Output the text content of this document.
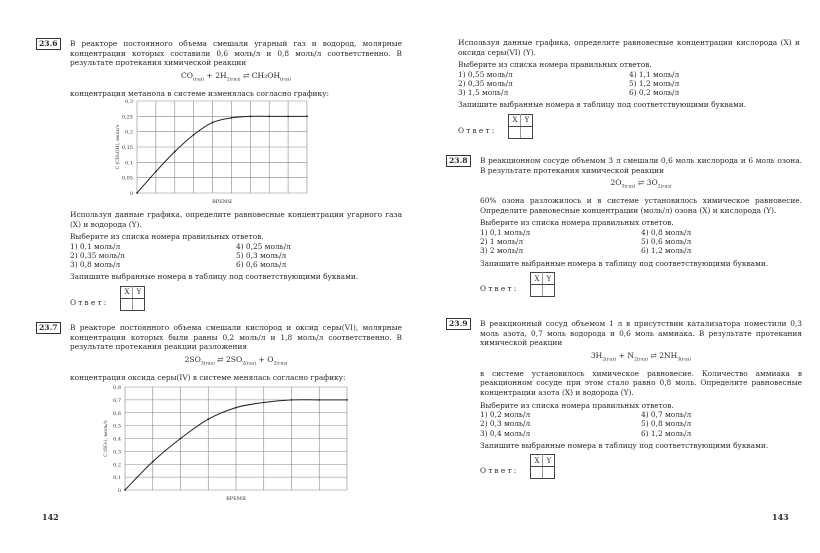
23.6	В реакторе постоянного объема смешали угарный газ и водород, молярные концентрации которых составили 0,6 моль/л и 0,8 моль/л соответственно. В результате протекания химической реакции

$CO_{(газ)} + 2H_{2(газ)}$ ⇄ $CH_3OH_{(газ)}$

концентрация метанола в системе изменялась согласно графику:

0
0,05
0,1
0,15
0,2
0,25
0,3
ВРЕМЯ
C (CH₃OH), моль/л

Используя данные графика, определите равновесные концентрации угарного газа (X) и водорода (Y).

Выберите из списка номера правильных ответов.

1) 0,1 моль/л	4) 0,25 моль/л
2) 0,35 моль/л	5) 0,3 моль/л
3) 0,8 моль/л	6) 0,6 моль/л

Запишите выбранные номера в таблицу под соответствующими буквами.

Ответ:
X	Y

23.7	В реакторе постоянного объема смешали кислород и оксид серы(VI), молярные концентрации которых были равны 0,2 моль/л и 1,8 моль/л соответственно. В результате протекания реакции разложения

$2SO_{3(газ)}$ ⇄ $2SO_{2(газ)} + O_{2(газ)}$

концентрация оксида серы(IV) в системе менялась согласно графику:

0
0,1
0,2
0,3
0,4
0,5
0,6
0,7
0,8
ВРЕМЯ
C (SO₂), моль/л
142

Используя данные графика, определите равновесные концентрации кислорода (X) и оксида серы(VI) (Y).

Выберите из списка номера правильных ответов.

1) 0,55 моль/л	4) 1,1 моль/л
2) 0,35 моль/л	5) 1,2 моль/л
3) 1,5 моль/л	6) 0,2 моль/л

Запишите выбранные номера в таблицу под соответствующими буквами.

Ответ:
X	Y

23.8	В реакционном сосуде объемом 3 л смешали 0,6 моль кислорода и 6 моль озона. В результате протекания химической реакции

$2O_{3(газ)}$ ⇄ $3O_{2(газ)}$

60% озона разложилось и в системе установилось химическое равновесие. Определите равновесные концентрации (моль/л) озона (X) и кислорода (Y).

Выберите из списка номера правильных ответов.

1) 0,1 моль/л	4) 0,8 моль/л
2) 1 моль/л	5) 0,6 моль/л
3) 2 моль/л	6) 1,2 моль/л

Запишите выбранные номера в таблицу под соответствующими буквами.

Ответ:
X	Y

23.9	В реакционный сосуд объемом 1 л в присутствии катализатора поместили 0,3 моль азота, 0,7 моль водорода и 0,6 моль аммиака. В результате протекания химической реакции

$3H_{2(газ)} + N_{2(газ)}$ ⇄ $2NH_{3(газ)}$

в системе установилось химическое равновесие. Количество аммиака в реакционном сосуде при этом стало равно 0,8 моль. Определите равновесные концентрации азота (X) и водорода (Y).

Выберите из списка номера правильных ответов.

1) 0,2 моль/л	4) 0,7 моль/л
2) 0,3 моль/л	5) 0,8 моль/л
3) 0,4 моль/л	6) 1,2 моль/л

Запишите выбранные номера в таблицу под соответствующими буквами.

Ответ:
X	Y

143
